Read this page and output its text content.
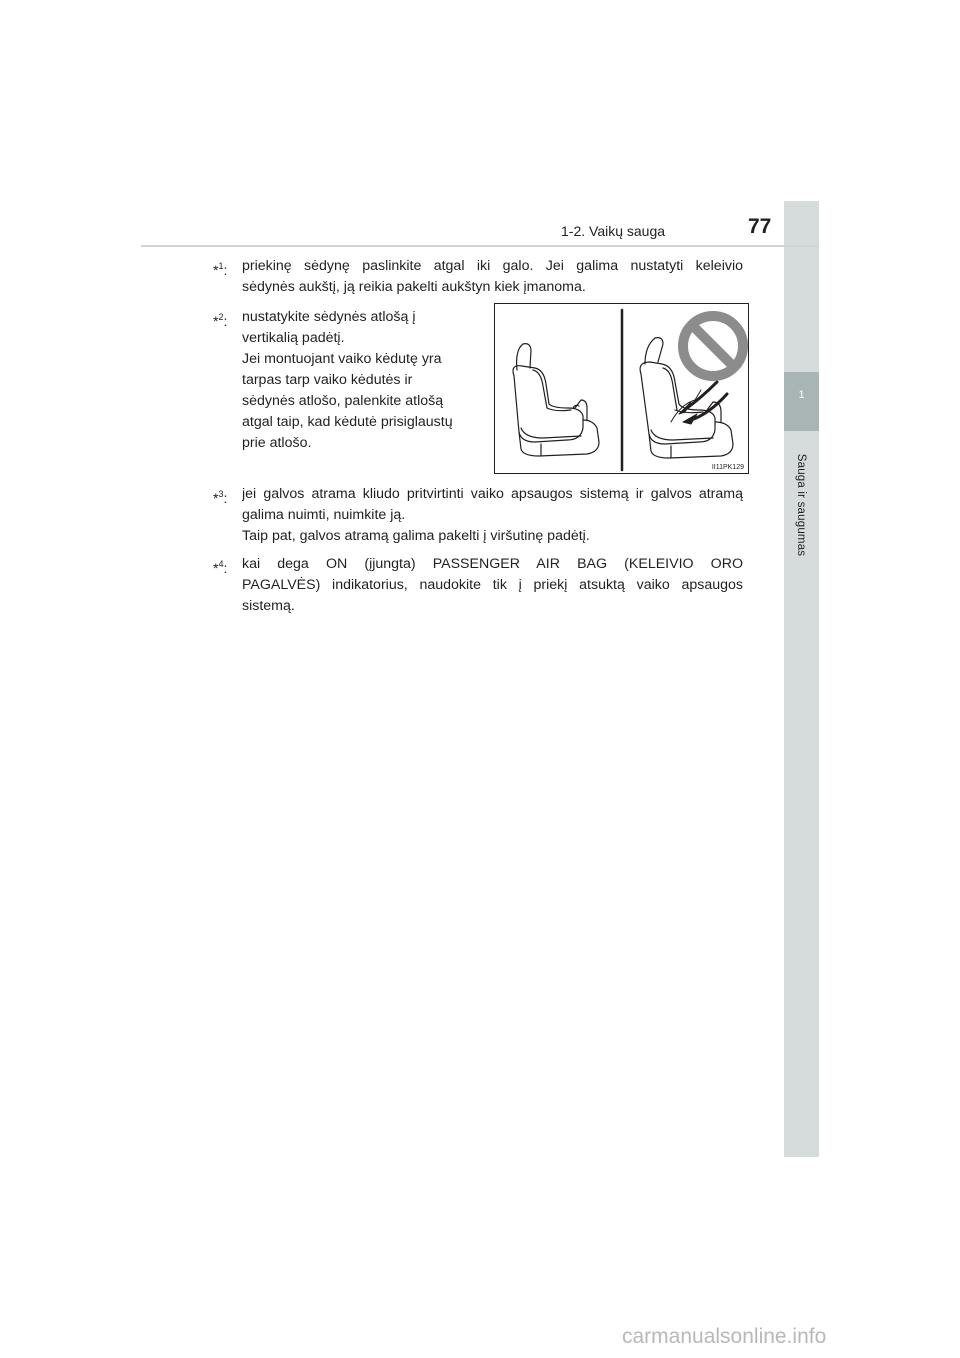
1
Sauga ir saugumas
1-2. Vaikų sauga	77
*$^1$: priekinę sėdynę paslinkite atgal iki galo. Jei galima nustatyti keleivio
sėdynės aukštį, ją reikia pakelti aukštyn kiek įmanoma.
*$^2$: nustatykite sėdynės atlošą į
vertikalią padėtį.
Jei montuojant vaiko kėdutę yra
tarpas tarp vaiko kėdutės ir
sėdynės atlošo, palenkite atlošą
atgal taip, kad kėdutė prisiglaustų
prie atlošo.
II11PK129
*$^3$: jei galvos atrama kliudo pritvirtinti vaiko apsaugos sistemą ir galvos atramą
galima nuimti, nuimkite ją.
Taip pat, galvos atramą galima pakelti į viršutinę padėtį.
*$^4$: kai dega ON (įjungta) PASSENGER AIR BAG (KELEIVIO ORO
PAGALVĖS) indikatorius, naudokite tik į priekį atsuktą vaiko apsaugos
sistemą.
carmanualsonline.info
